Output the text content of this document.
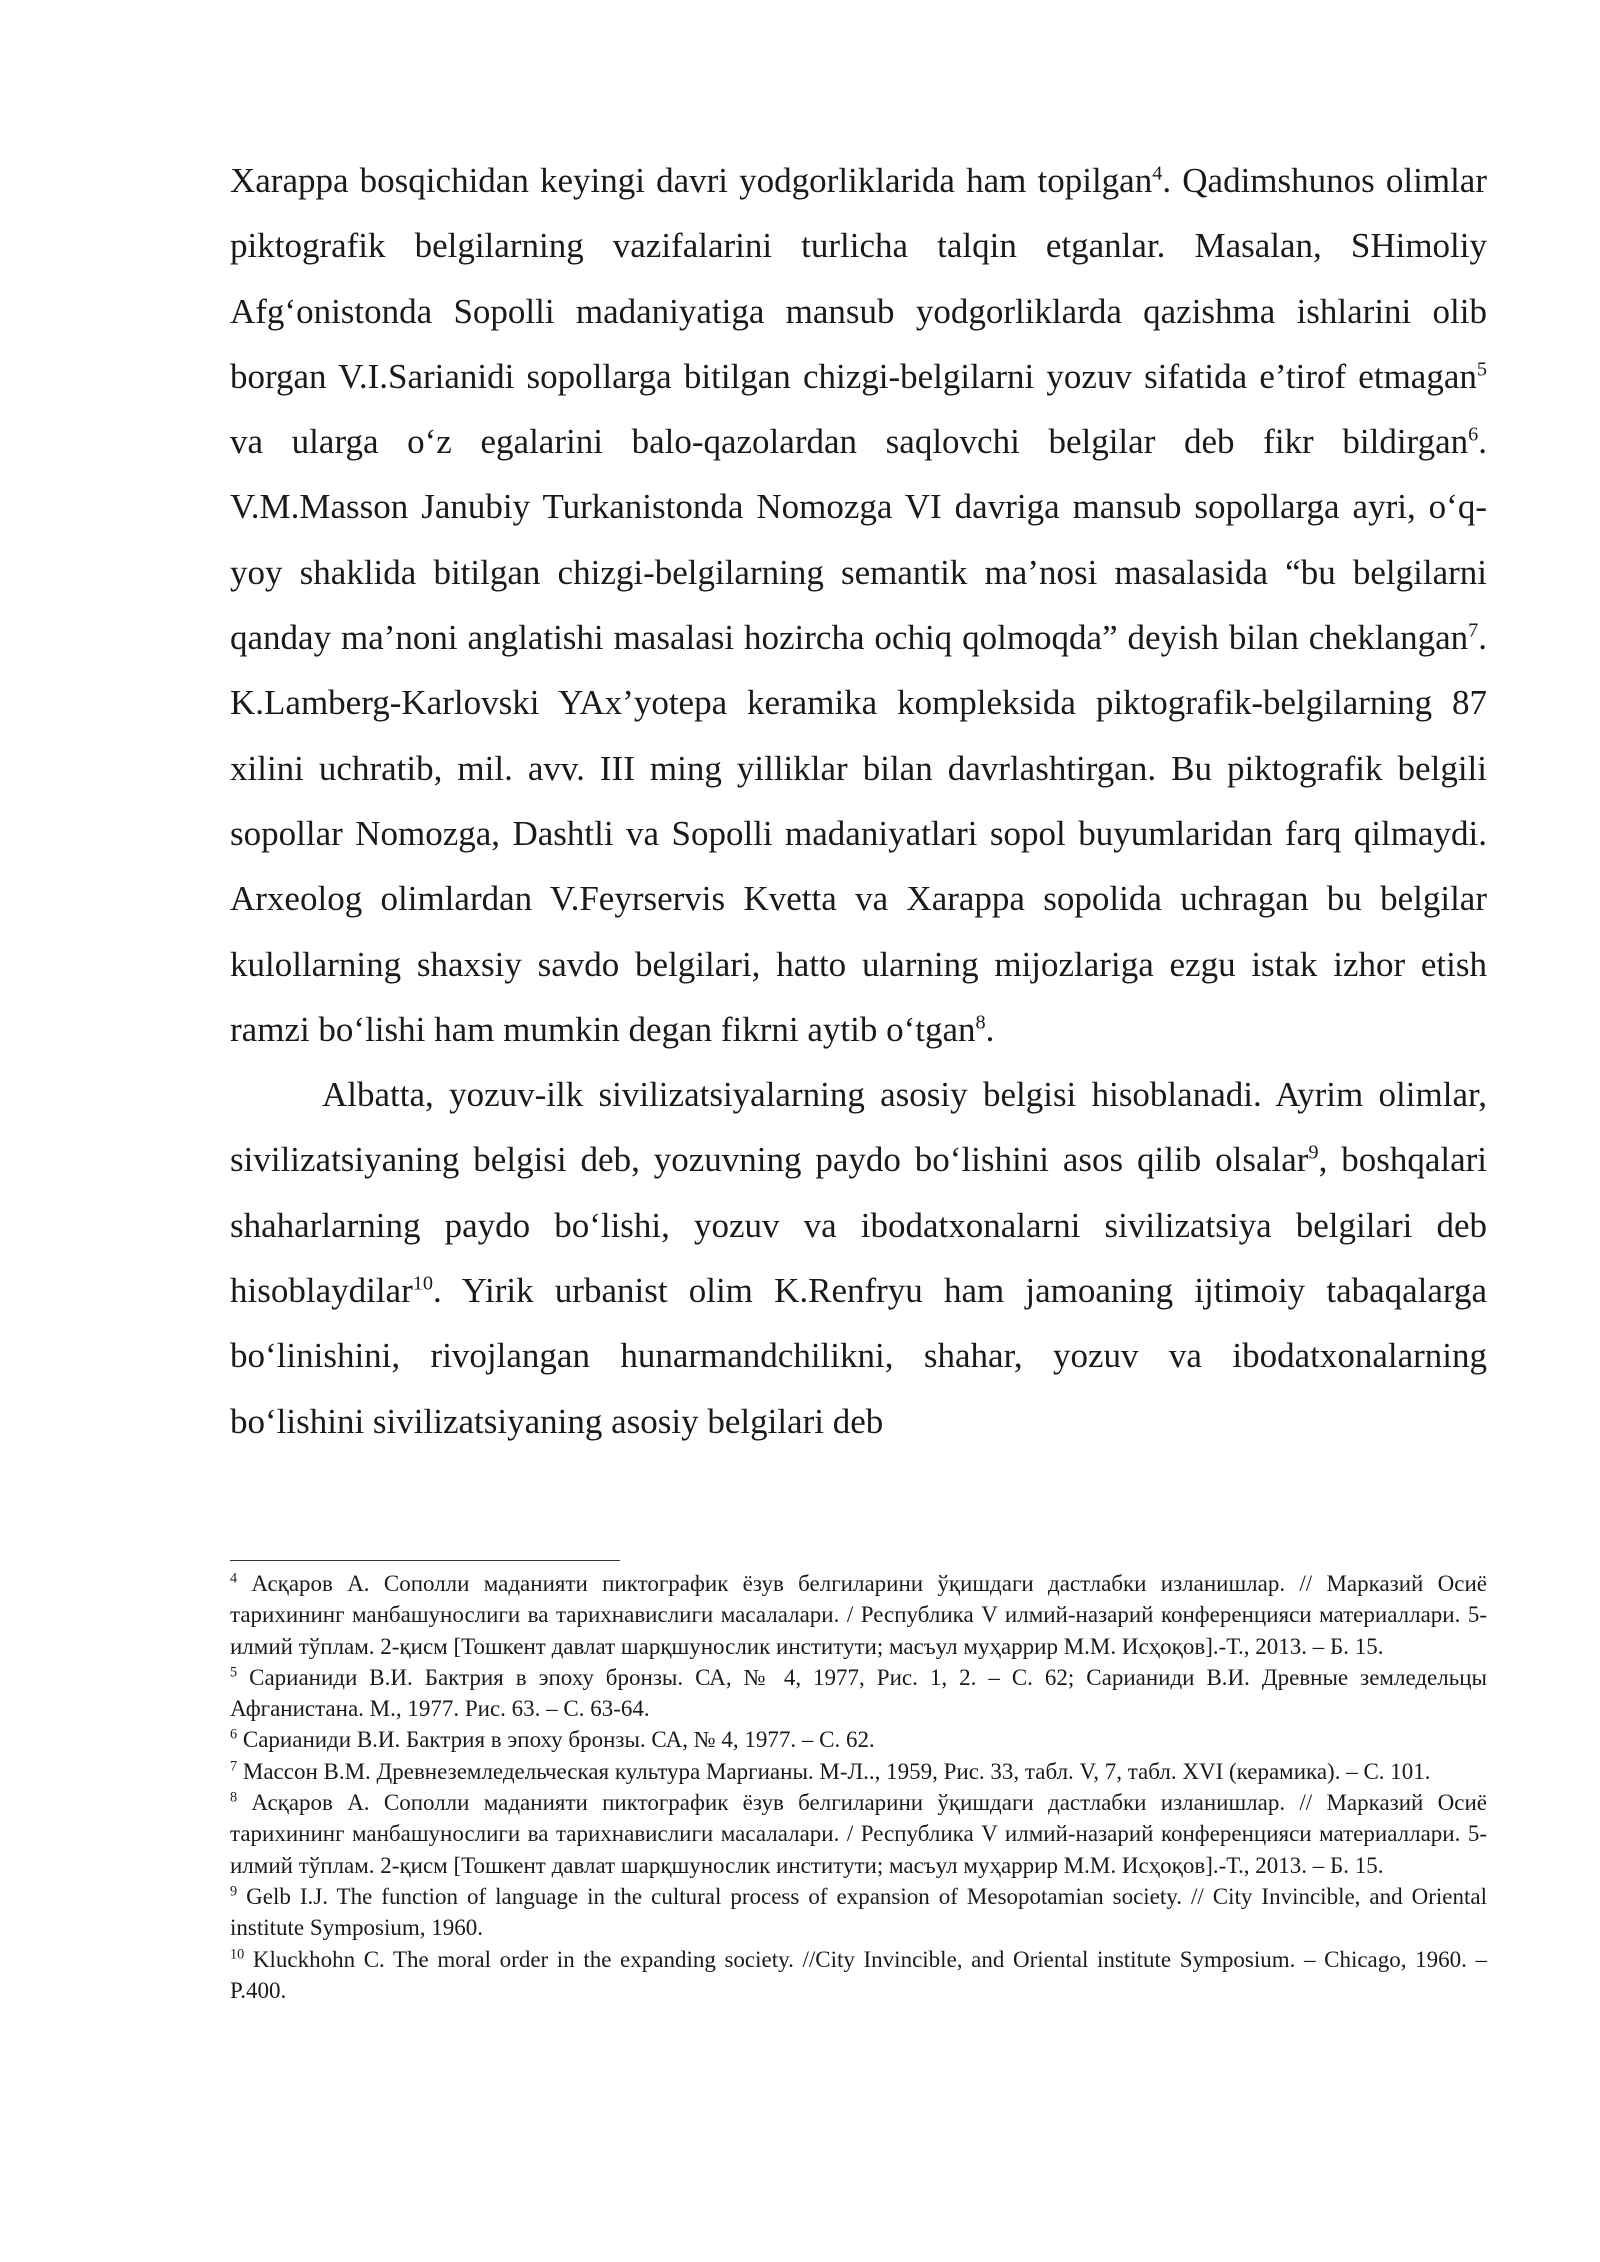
Xarappa bosqichidan keyingi davri yodgorliklarida ham topilgan$^4$. Qadimshunos olimlar piktografik belgilarning vazifalarini turlicha talqin etganlar. Masalan, SHimoliy Afg‘onistonda Sopolli madaniyatiga mansub yodgorliklarda qazishma ishlarini olib borgan V.I.Sarianidi sopollarga bitilgan chizgi-belgilarni yozuv sifatida e’tirof etmagan$^5$ va ularga o‘z egalarini balo-qazolardan saqlovchi belgilar deb fikr bildirgan$^6$. V.M.Masson Janubiy Turkanistonda Nomozga VI davriga mansub sopollarga ayri, o‘q-yoy shaklida bitilgan chizgi-belgilarning semantik ma’nosi masalasida “bu belgilarni qanday ma’noni anglatishi masalasi hozircha ochiq qolmoqda” deyish bilan cheklangan$^7$. K.Lamberg-Karlovski YAx’yotepa keramika kompleksida piktografik-belgilarning 87 xilini uchratib, mil. avv. III ming yilliklar bilan davrlashtirgan. Bu piktografik belgili sopollar Nomozga, Dashtli va Sopolli madaniyatlari sopol buyumlaridan farq qilmaydi. Arxeolog olimlardan V.Feyrservis Kvetta va Xarappa sopolida uchragan bu belgilar kulollarning shaxsiy savdo belgilari, hatto ularning mijozlariga ezgu istak izhor etish ramzi bo‘lishi ham mumkin degan fikrni aytib o‘tgan$^8$.

Albatta, yozuv-ilk sivilizatsiyalarning asosiy belgisi hisoblanadi. Ayrim olimlar, sivilizatsiyaning belgisi deb, yozuvning paydo bo‘lishini asos qilib olsalar$^9$, boshqalari shaharlarning paydo bo‘lishi, yozuv va ibodatxonalarni sivilizatsiya belgilari deb hisoblaydilar$^{10}$. Yirik urbanist olim K.Renfryu ham jamoaning ijtimoiy tabaqalarga bo‘linishini, rivojlangan hunarmandchilikni, shahar, yozuv va ibodatxonalarning bo‘lishini sivilizatsiyaning asosiy belgilari deb

$^4$ Асқаров А. Сополли маданияти пиктографик ёзув белгиларини ўқишдаги дастлабки изланишлар. // Марказий Осиё тарихининг манбашунослиги ва тарихнавислиги масалалари. / Республика V илмий-назарий конференцияси материаллари. 5-илмий тўплам. 2-қисм [Тошкент давлат шарқшунослик институти; масъул муҳаррир М.М. Исҳоқов].-Т., 2013. – Б. 15.

$^5$ Сарианиди В.И. Бактрия в эпоху бронзы. СА, № 4, 1977, Рис. 1, 2. – С. 62; Сарианиди В.И. Древные земледельцы Афганистана. М., 1977. Рис. 63. – С. 63-64.

$^6$ Сарианиди В.И. Бактрия в эпоху бронзы. СА, № 4, 1977. – С. 62.

$^7$ Массон В.М. Древнеземледельческая культура Маргианы. М-Л.., 1959, Рис. 33, табл. V, 7, табл. XVI (керамика). – С. 101.

$^8$ Асқаров А. Сополли маданияти пиктографик ёзув белгиларини ўқишдаги дастлабки изланишлар. // Марказий Осиё тарихининг манбашунослиги ва тарихнавислиги масалалари. / Республика V илмий-назарий конференцияси материаллари. 5-илмий тўплам. 2-қисм [Тошкент давлат шарқшунослик институти; масъул муҳаррир М.М. Исҳоқов].-Т., 2013. – Б. 15.

$^9$ Gelb I.J. The function of language in the cultural process of expansion of Mesopotamian society. // City Invincible, and Oriental institute Symposium, 1960.

$^{10}$ Kluckhohn C. The moral order in the expanding society. //City Invincible, and Oriental institute Symposium. – Chicago, 1960. – P.400.
